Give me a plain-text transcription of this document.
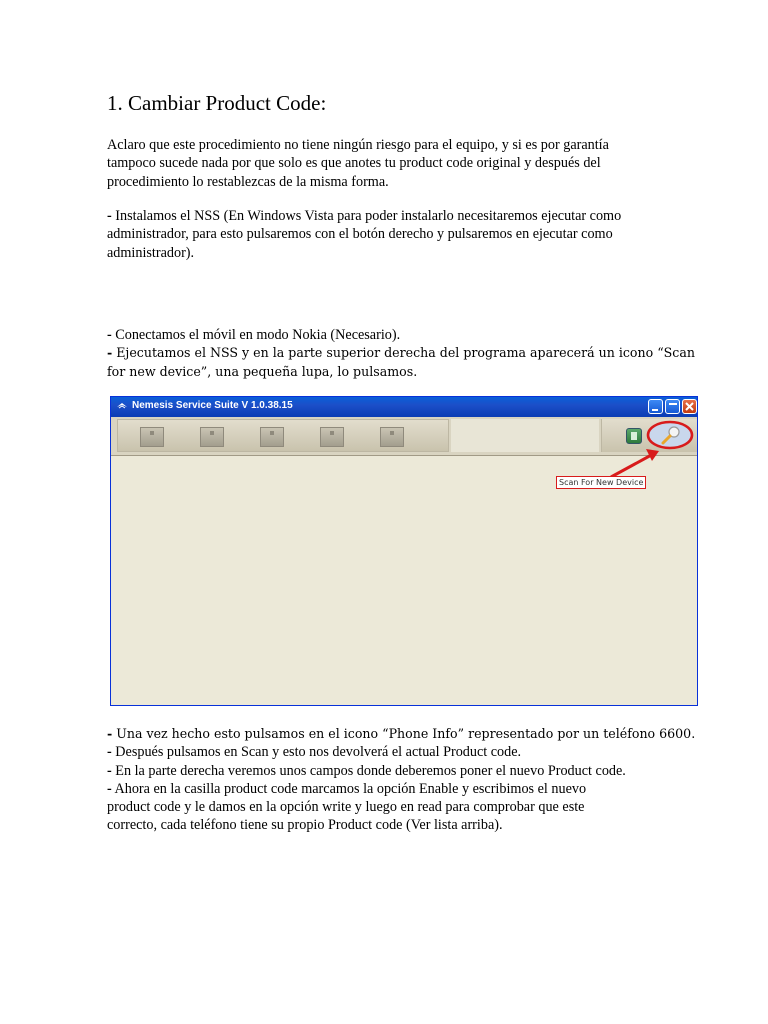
1. Cambiar Product Code:
Aclaro que este procedimiento no tiene ningún riesgo para el equipo, y si es por garantía
tampoco sucede nada por que solo es que anotes tu product code original y después del
procedimiento lo restablezcas de la misma forma.
- Instalamos el NSS (En Windows Vista para poder instalarlo necesitaremos ejecutar como
administrador, para esto pulsaremos con el botón derecho y pulsaremos en ejecutar como
administrador).
- Conectamos el móvil en modo Nokia (Necesario).
- Ejecutamos el NSS y en la parte superior derecha del programa aparecerá un icono “Scan
for new device”, una pequeña lupa, lo pulsamos.
- Una vez hecho esto pulsamos en el icono “Phone Info” representado por un teléfono 6600.
- Después pulsamos en Scan y esto nos devolverá el actual Product code.
- En la parte derecha veremos unos campos donde deberemos poner el nuevo Product code.
- Ahora en la casilla product code marcamos la opción Enable y escribimos el nuevo
product code y le damos en la opción write y luego en read para comprobar que este
correcto, cada teléfono tiene su propio Product code (Ver lista arriba).
Nemesis Service Suite V 1.0.38.15
Scan For New Device
